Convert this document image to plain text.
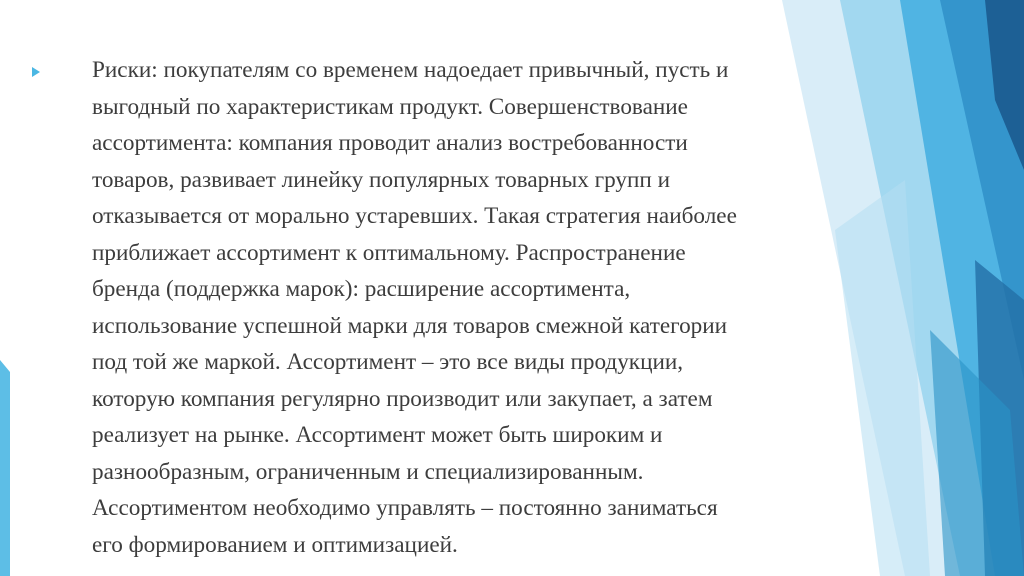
Риски: покупателям со временем надоедает привычный, пусть и
выгодный по характеристикам продукт. Совершенствование
ассортимента: компания проводит анализ востребованности
товаров, развивает линейку популярных товарных групп и
отказывается от морально устаревших. Такая стратегия наиболее
приближает ассортимент к оптимальному. Распространение
бренда (поддержка марок): расширение ассортимента,
использование успешной марки для товаров смежной категории
под той же маркой. Ассортимент – это все виды продукции,
которую компания регулярно производит или закупает, а затем
реализует на рынке. Ассортимент может быть широким и
разнообразным, ограниченным и специализированным.
Ассортиментом необходимо управлять – постоянно заниматься
его формированием и оптимизацией.
